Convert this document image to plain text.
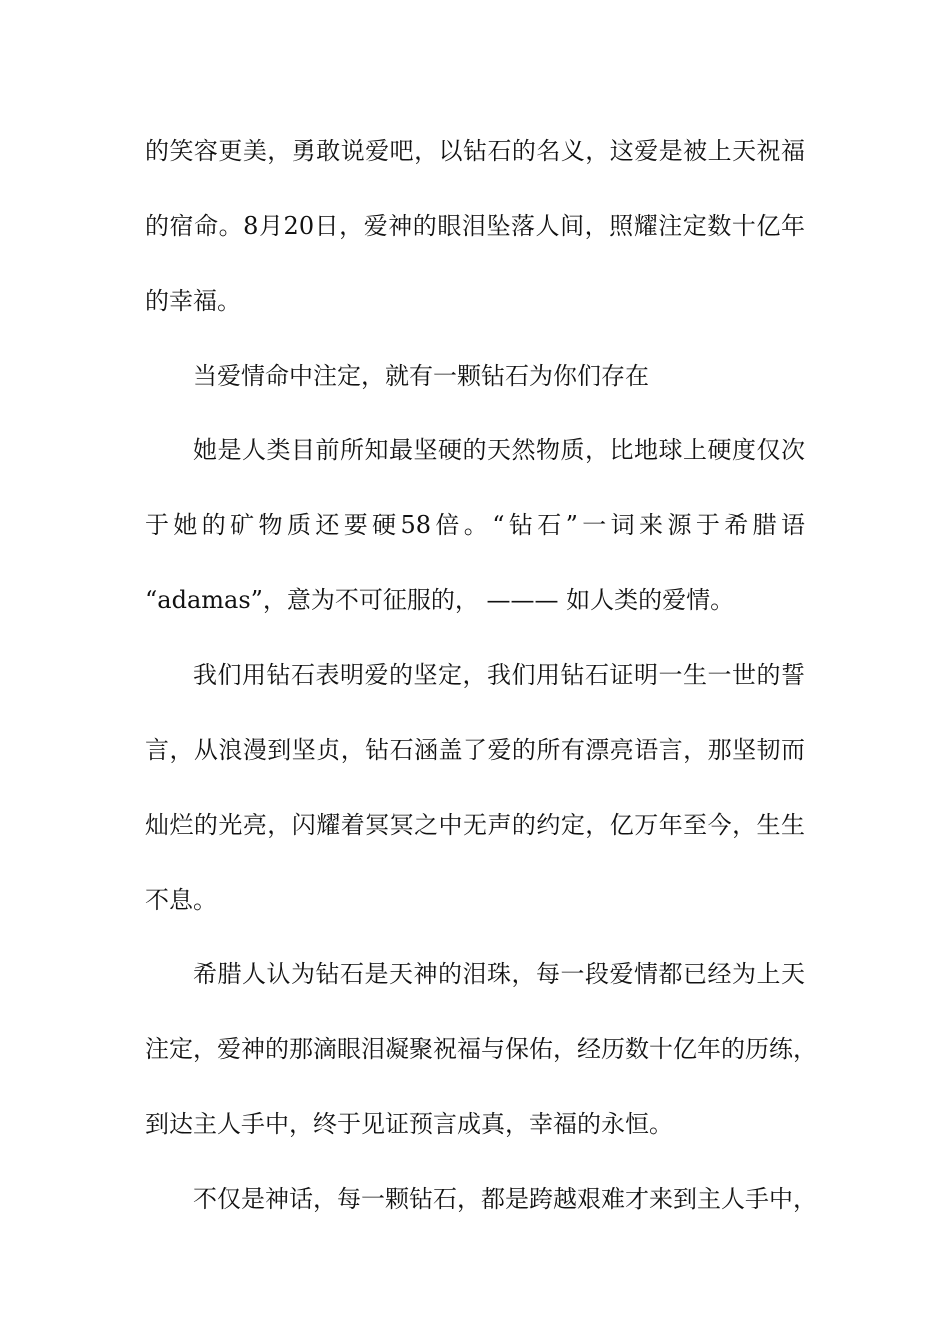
的笑容更美，勇敢说爱吧，以钻石的名义，这爱是被上天祝福
的宿命。8月20日，爱神的眼泪坠落人间，照耀注定数十亿年
的幸福。
当爱情命中注定，就有一颗钻石为你们存在
她是人类目前所知最坚硬的天然物质，比地球上硬度仅次
于她的矿物质还要硬58倍。“钻石”一词来源于希腊语
“adamas”，意为不可征服的， ——— 如人类的爱情。
我们用钻石表明爱的坚定，我们用钻石证明一生一世的誓
言，从浪漫到坚贞，钻石涵盖了爱的所有漂亮语言，那坚韧而
灿烂的光亮，闪耀着冥冥之中无声的约定，亿万年至今，生生
不息。
希腊人认为钻石是天神的泪珠，每一段爱情都已经为上天
注定，爱神的那滴眼泪凝聚祝福与保佑，经历数十亿年的历练，
到达主人手中，终于见证预言成真，幸福的永恒。
不仅是神话，每一颗钻石，都是跨越艰难才来到主人手中，
